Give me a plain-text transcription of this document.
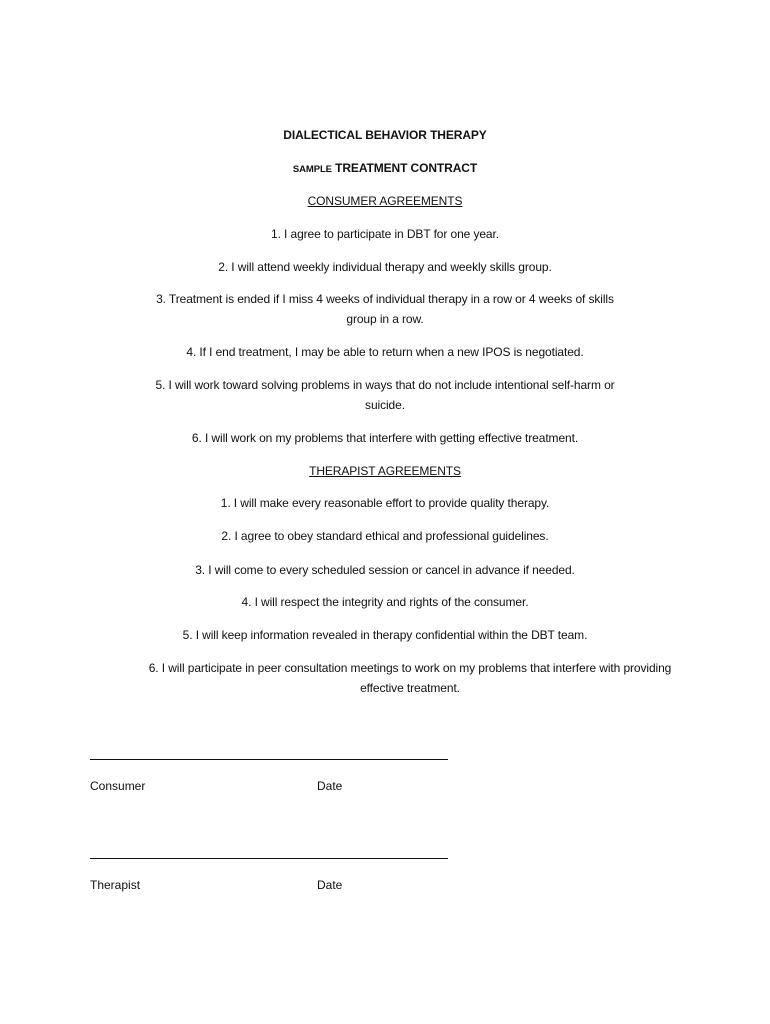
DIALECTICAL BEHAVIOR THERAPY
SAMPLE TREATMENT CONTRACT
CONSUMER AGREEMENTS
1. I agree to participate in DBT for one year.
2. I will attend weekly individual therapy and weekly skills group.
3. Treatment is ended if I miss 4 weeks of individual therapy in a row or 4 weeks of skills group in a row.
4. If I end treatment, I may be able to return when a new IPOS is negotiated.
5. I will work toward solving problems in ways that do not include intentional self-harm or suicide.
6. I will work on my problems that interfere with getting effective treatment.
THERAPIST AGREEMENTS
1. I will make every reasonable effort to provide quality therapy.
2. I agree to obey standard ethical and professional guidelines.
3. I will come to every scheduled session or cancel in advance if needed.
4. I will respect the integrity and rights of the consumer.
5. I will keep information revealed in therapy confidential within the DBT team.
6. I will participate in peer consultation meetings to work on my problems that interfere with providing effective treatment.
Consumer	Date
Therapist	Date
